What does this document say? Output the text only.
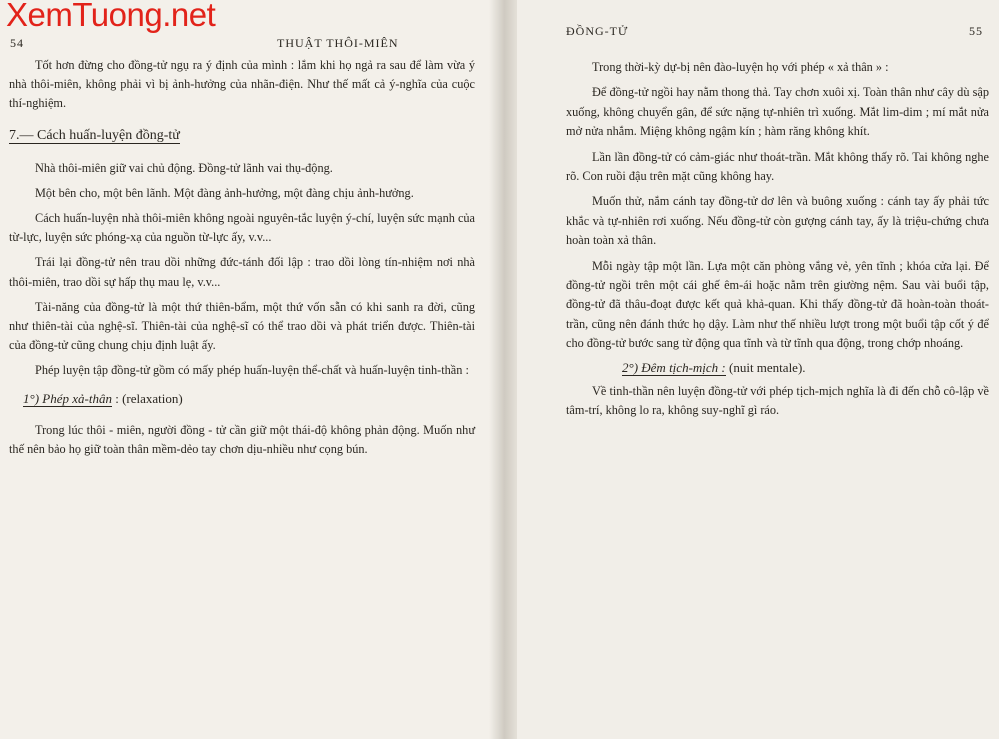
54	THUẬT THÔI-MIÊN

Tốt hơn đừng cho đồng-tử ngụ ra ý định của mình : lắm khi họ ngả ra sau để làm vừa ý nhà thôi-miên, không phải vì bị ảnh-hưởng của nhãn-điện. Như thế mất cả ý-nghĩa của cuộc thí-nghiệm.

7.— Cách huấn-luyện đồng-tử

Nhà thôi-miên giữ vai chủ động. Đồng-tử lãnh vai thụ-động.

Một bên cho, một bên lãnh. Một đàng ảnh-hưởng, một đàng chịu ảnh-hưởng.

Cách huấn-luyện nhà thôi-miên không ngoài nguyên-tắc luyện ý-chí, luyện sức mạnh của từ-lực, luyện sức phóng-xạ của nguồn từ-lực ấy, v.v...

Trái lại đồng-tử nên trau dồi những đức-tánh đối lập : trao dồi lòng tín-nhiệm nơi nhà thôi-miên, trao dồi sự hấp thụ mau lẹ, v.v...

Tài-năng của đồng-tử là một thứ thiên-bẩm, một thứ vốn sẵn có khi sanh ra đời, cũng như thiên-tài của nghệ-sĩ. Thiên-tài của nghệ-sĩ có thể trao dồi và phát triển được. Thiên-tài của đồng-tử cũng chung chịu định luật ấy.

Phép luyện tập đồng-tử gồm có mấy phép huấn-luyện thể-chất và huấn-luyện tinh-thần :

1°) Phép xả-thân : (relaxation)

Trong lúc thôi - miên, người đồng - tử cần giữ một thái-độ không phản động. Muốn như thế nên bảo họ giữ toàn thân mềm-dẻo tay chơn dịu-nhiều như cọng bún.

ĐỒNG-TỬ	55

Trong thời-kỳ dự-bị nên đào-luyện họ với phép « xả thân » :

Để đồng-tử ngồi hay nằm thong thả. Tay chơn xuôi xị. Toàn thân như cây dù sập xuống, không chuyển gân, để sức nặng tự-nhiên trì xuống. Mắt lim-dim ; mí mắt nửa mở nửa nhắm. Miệng không ngậm kín ; hàm răng không khít.

Lần lần đồng-tử có cảm-giác như thoát-trần. Mắt không thấy rõ. Tai không nghe rõ. Con ruồi đậu trên mặt cũng không hay.

Muốn thử, nắm cánh tay đồng-tử dơ lên và buông xuống : cánh tay ấy phải tức khắc và tự-nhiên rơi xuống. Nếu đồng-tử còn gượng cánh tay, ấy là triệu-chứng chưa hoàn toàn xả thân.

Mỗi ngày tập một lần. Lựa một căn phòng vắng vẻ, yên tĩnh ; khóa cửa lại. Để đồng-tử ngồi trên một cái ghế êm-ái hoặc nằm trên giường nệm. Sau vài buổi tập, đồng-tử đã thâu-đoạt được kết quả khả-quan. Khi thấy đồng-tử đã hoàn-toàn thoát-trần, cũng nên đánh thức họ dậy. Làm như thế nhiều lượt trong một buổi tập cốt ý để cho đồng-tử bước sang từ động qua tĩnh và từ tĩnh qua động, trong chớp nhoáng.

2°) Đêm tịch-mịch : (nuit mentale).

Về tinh-thần nên luyện đồng-tử với phép tịch-mịch nghĩa là đi đến chỗ cô-lập về tâm-trí, không lo ra, không suy-nghĩ gì ráo.

XemTuong.net
